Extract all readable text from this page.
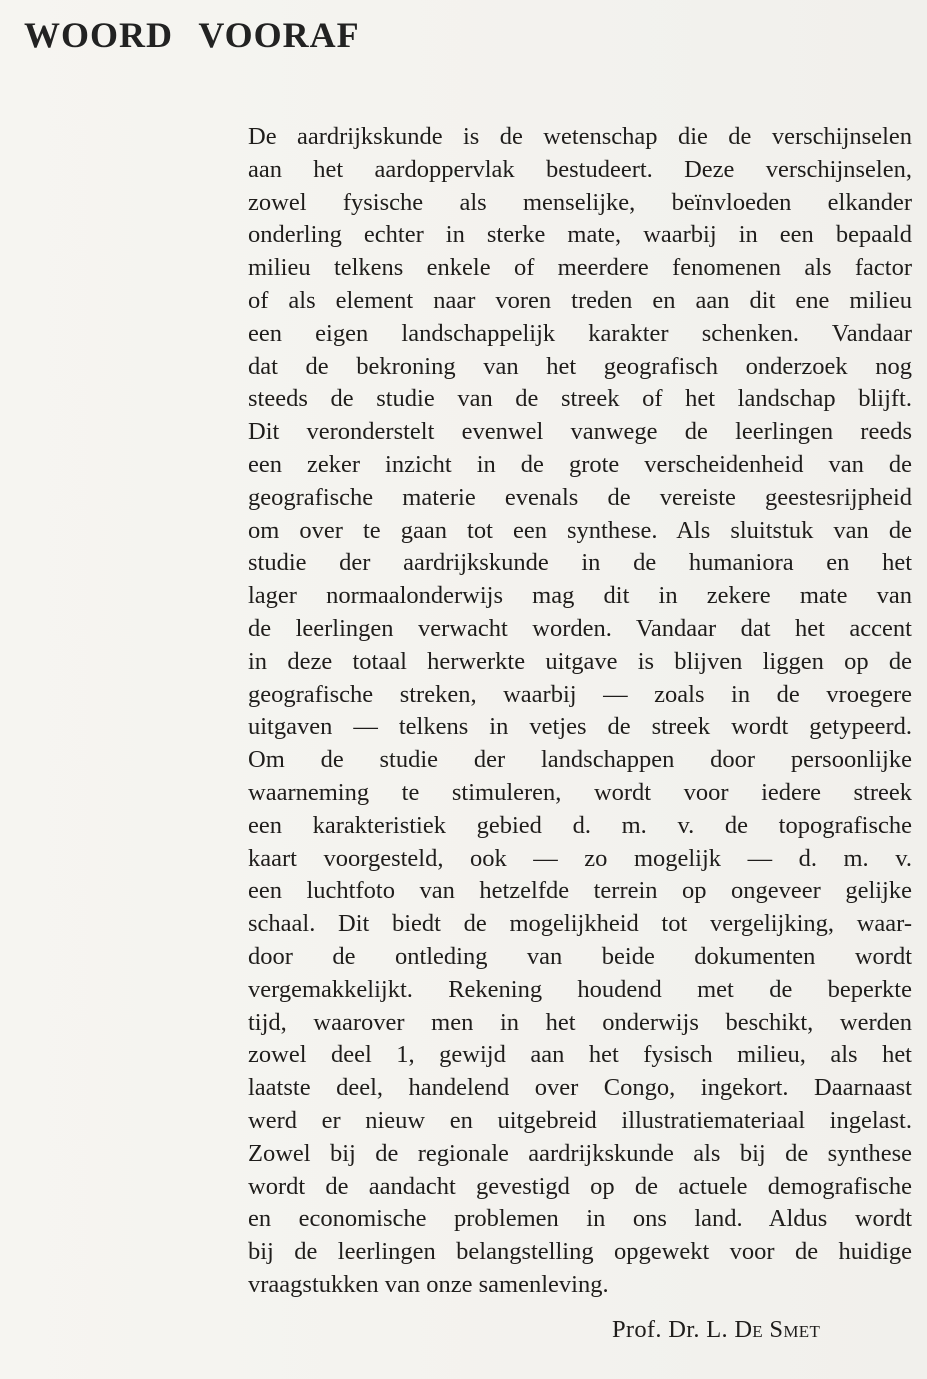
WOORD VOORAF
De aardrijkskunde is de wetenschap die de verschijnselen
aan het aardoppervlak bestudeert. Deze verschijnselen,
zowel fysische als menselijke, beïnvloeden elkander
onderling echter in sterke mate, waarbij in een bepaald
milieu telkens enkele of meerdere fenomenen als factor
of als element naar voren treden en aan dit ene milieu
een eigen landschappelijk karakter schenken. Vandaar
dat de bekroning van het geografisch onderzoek nog
steeds de studie van de streek of het landschap blijft.
Dit veronderstelt evenwel vanwege de leerlingen reeds
een zeker inzicht in de grote verscheidenheid van de
geografische materie evenals de vereiste geestesrijpheid
om over te gaan tot een synthese. Als sluitstuk van de
studie der aardrijkskunde in de humaniora en het
lager normaalonderwijs mag dit in zekere mate van
de leerlingen verwacht worden. Vandaar dat het accent
in deze totaal herwerkte uitgave is blijven liggen op de
geografische streken, waarbij — zoals in de vroegere
uitgaven — telkens in vetjes de streek wordt getypeerd.
Om de studie der landschappen door persoonlijke
waarneming te stimuleren, wordt voor iedere streek
een karakteristiek gebied d. m. v. de topografische
kaart voorgesteld, ook — zo mogelijk — d. m. v.
een luchtfoto van hetzelfde terrein op ongeveer gelijke
schaal. Dit biedt de mogelijkheid tot vergelijking, waar-
door de ontleding van beide dokumenten wordt
vergemakkelijkt. Rekening houdend met de beperkte
tijd, waarover men in het onderwijs beschikt, werden
zowel deel 1, gewijd aan het fysisch milieu, als het
laatste deel, handelend over Congo, ingekort. Daarnaast
werd er nieuw en uitgebreid illustratiemateriaal ingelast.
Zowel bij de regionale aardrijkskunde als bij de synthese
wordt de aandacht gevestigd op de actuele demografische
en economische problemen in ons land. Aldus wordt
bij de leerlingen belangstelling opgewekt voor de huidige
vraagstukken van onze samenleving.

Prof. Dr. L. De Smet
